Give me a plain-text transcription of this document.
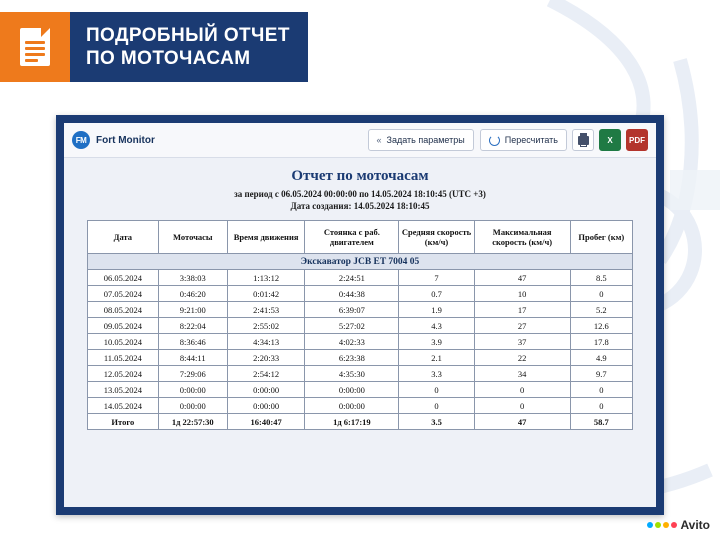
ПОДРОБНЫЙ ОТЧЕТ
ПО МОТОЧАСАМ
FM Fort Monitor	« Задать параметры	Пересчитать	X PDF
Отчет по моточасам
за период с 06.05.2024 00:00:00 по 14.05.2024 18:10:45 (UTC +3)
Дата создания: 14.05.2024 18:10:45
Дата	Моточасы	Время движения	Стоянка с раб. двигателем	Средняя скорость (км/ч)	Максимальная скорость (км/ч)	Пробег (км)
Экскаватор JCB ET 7004 05						
06.05.2024	3:38:03	1:13:12	2:24:51	7	47	8.5
07.05.2024	0:46:20	0:01:42	0:44:38	0.7	10	0
08.05.2024	9:21:00	2:41:53	6:39:07	1.9	17	5.2
09.05.2024	8:22:04	2:55:02	5:27:02	4.3	27	12.6
10.05.2024	8:36:46	4:34:13	4:02:33	3.9	37	17.8
11.05.2024	8:44:11	2:20:33	6:23:38	2.1	22	4.9
12.05.2024	7:29:06	2:54:12	4:35:30	3.3	34	9.7
13.05.2024	0:00:00	0:00:00	0:00:00	0	0	0
14.05.2024	0:00:00	0:00:00	0:00:00	0	0	0
Итого	1д 22:57:30	16:40:47	1д 6:17:19	3.5	47	58.7
Avito
